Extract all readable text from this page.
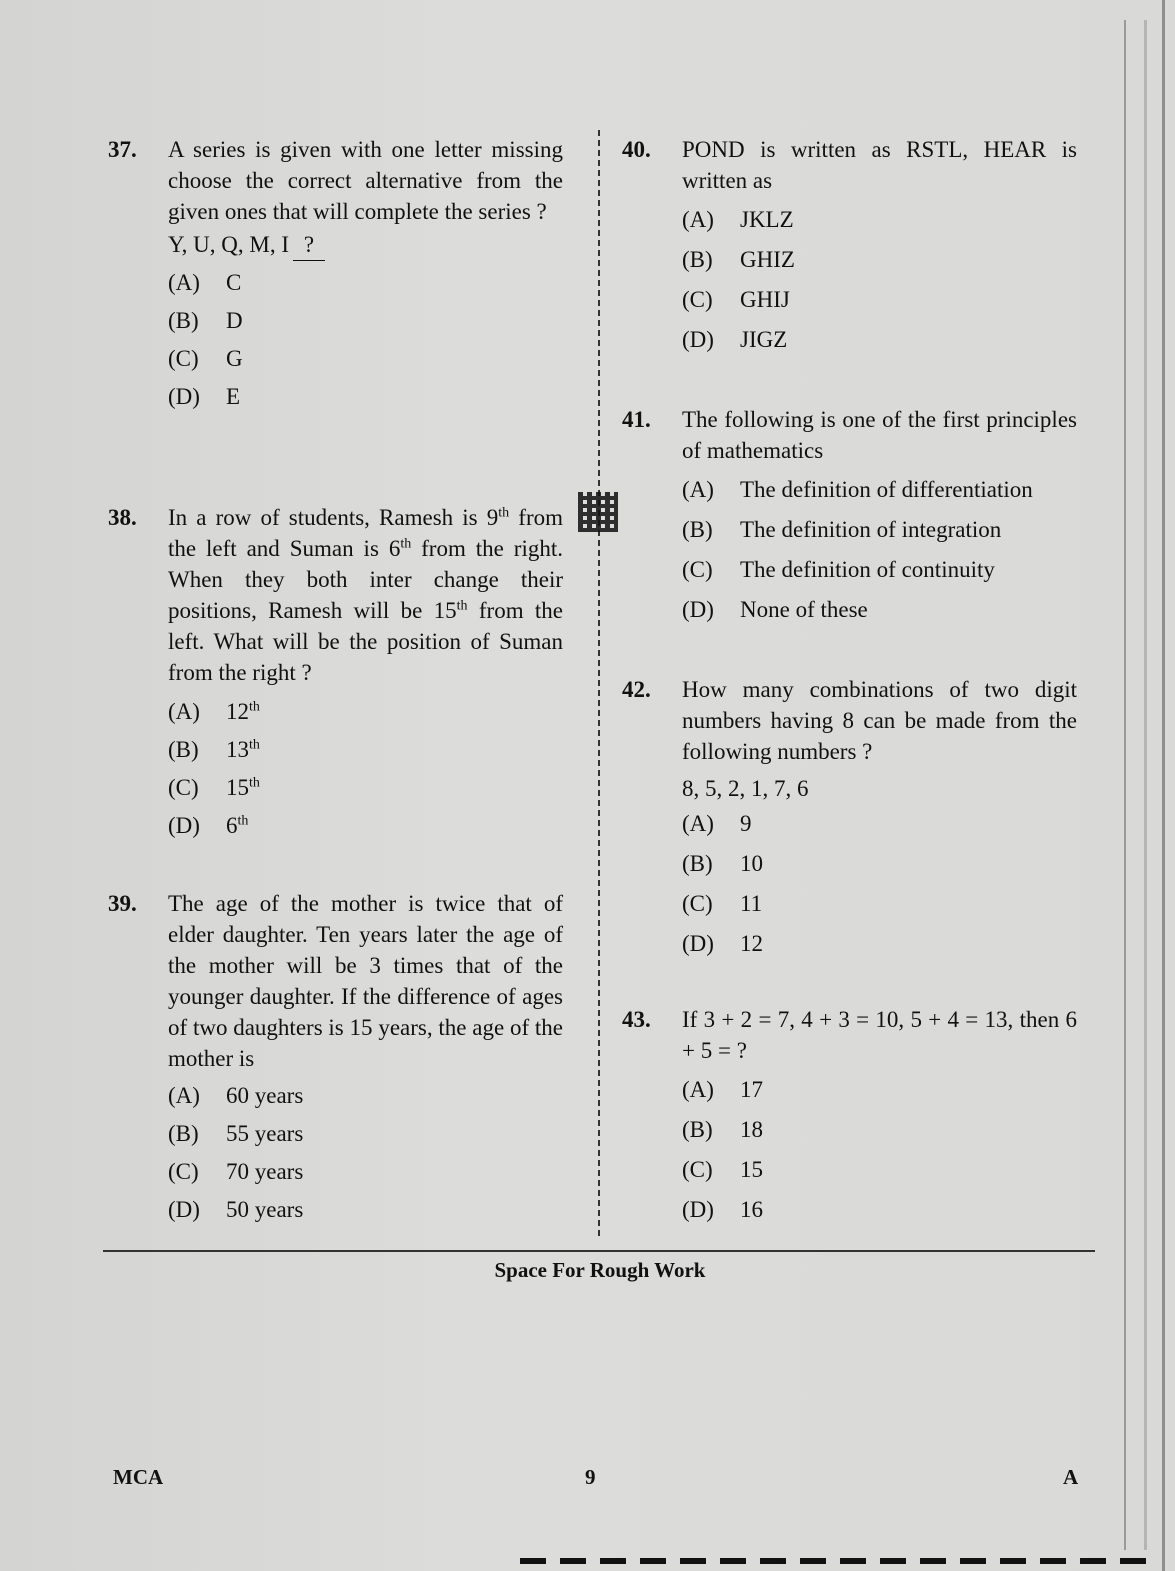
37.	A series is given with one letter missing choose the correct alternative from the given ones that will complete the series ?
Y, U, Q, M, I ?
(A)	C
(B)	D
(C)	G
(D)	E
38.	In a row of students, Ramesh is 9th from the left and Suman is 6th from the right. When they both inter change their positions, Ramesh will be 15th from the left. What will be the position of Suman from the right ?
(A)	12th
(B)	13th
(C)	15th
(D)	6th
39.	The age of the mother is twice that of elder daughter. Ten years later the age of the mother will be 3 times that of the younger daughter. If the difference of ages of two daughters is 15 years, the age of the mother is
(A)	60 years
(B)	55 years
(C)	70 years
(D)	50 years
40.	POND is written as RSTL, HEAR is written as
(A)	JKLZ
(B)	GHIZ
(C)	GHIJ
(D)	JIGZ
41.	The following is one of the first principles of mathematics
(A)	The definition of differentiation
(B)	The definition of integration
(C)	The definition of continuity
(D)	None of these
42.	How many combinations of two digit numbers having 8 can be made from the following numbers ?
8, 5, 2, 1, 7, 6
(A)	9
(B)	10
(C)	11
(D)	12
43.	If 3 + 2 = 7, 4 + 3 = 10, 5 + 4 = 13, then 6 + 5 = ?
(A)	17
(B)	18
(C)	15
(D)	16
Space For Rough Work
MCA	9	A
